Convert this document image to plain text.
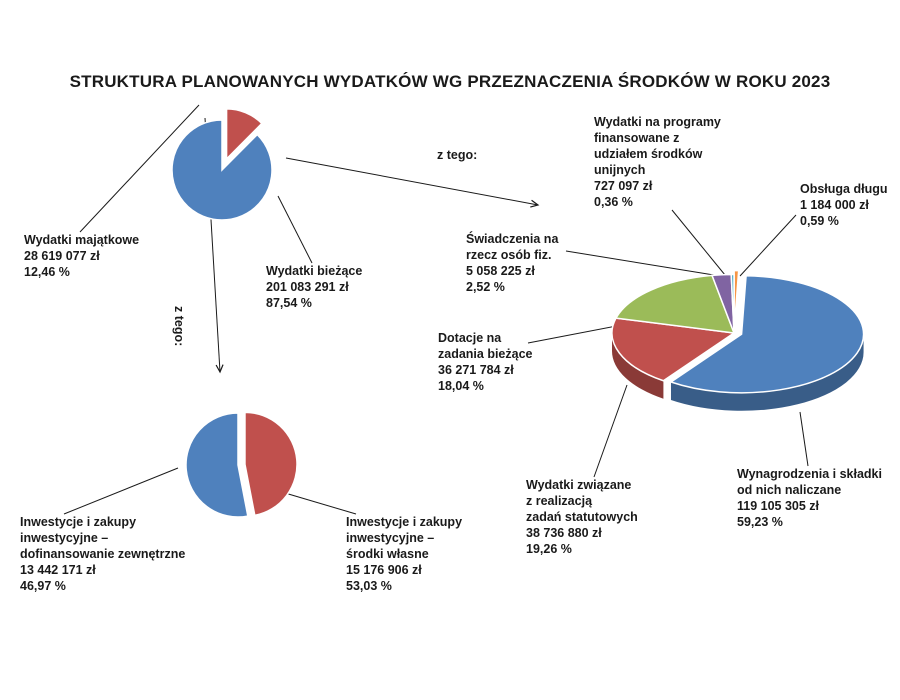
STRUKTURA PLANOWANYCH WYDATKÓW WG PRZEZNACZENIA ŚRODKÓW W ROKU 2023
z tego:
z tego:
Wydatki majątkowe
28 619 077 zł
12,46 %	Wydatki bieżące
201 083 291 zł
87,54 %
Inwestycje i zakupy
inwestycyjne –
dofinansowanie zewnętrzne
13 442 171 zł
46,97 %
Inwestycje i zakupy
inwestycyjne –
środki własne
15 176 906 zł
53,03 %
Wynagrodzenia i składki
od nich naliczane
119 105 305 zł
59,23 %
Wydatki związane
z realizacją
zadań statutowych
38 736 880 zł
19,26 %
Dotacje na
zadania bieżące
36 271 784 zł
18,04 %
Świadczenia na
rzecz osób fiz.
5 058 225 zł
2,52 %
Wydatki na programy
finansowane z
udziałem środków
unijnych
727 097 zł
0,36 %
Obsługa długu
1 184 000 zł
0,59 %
